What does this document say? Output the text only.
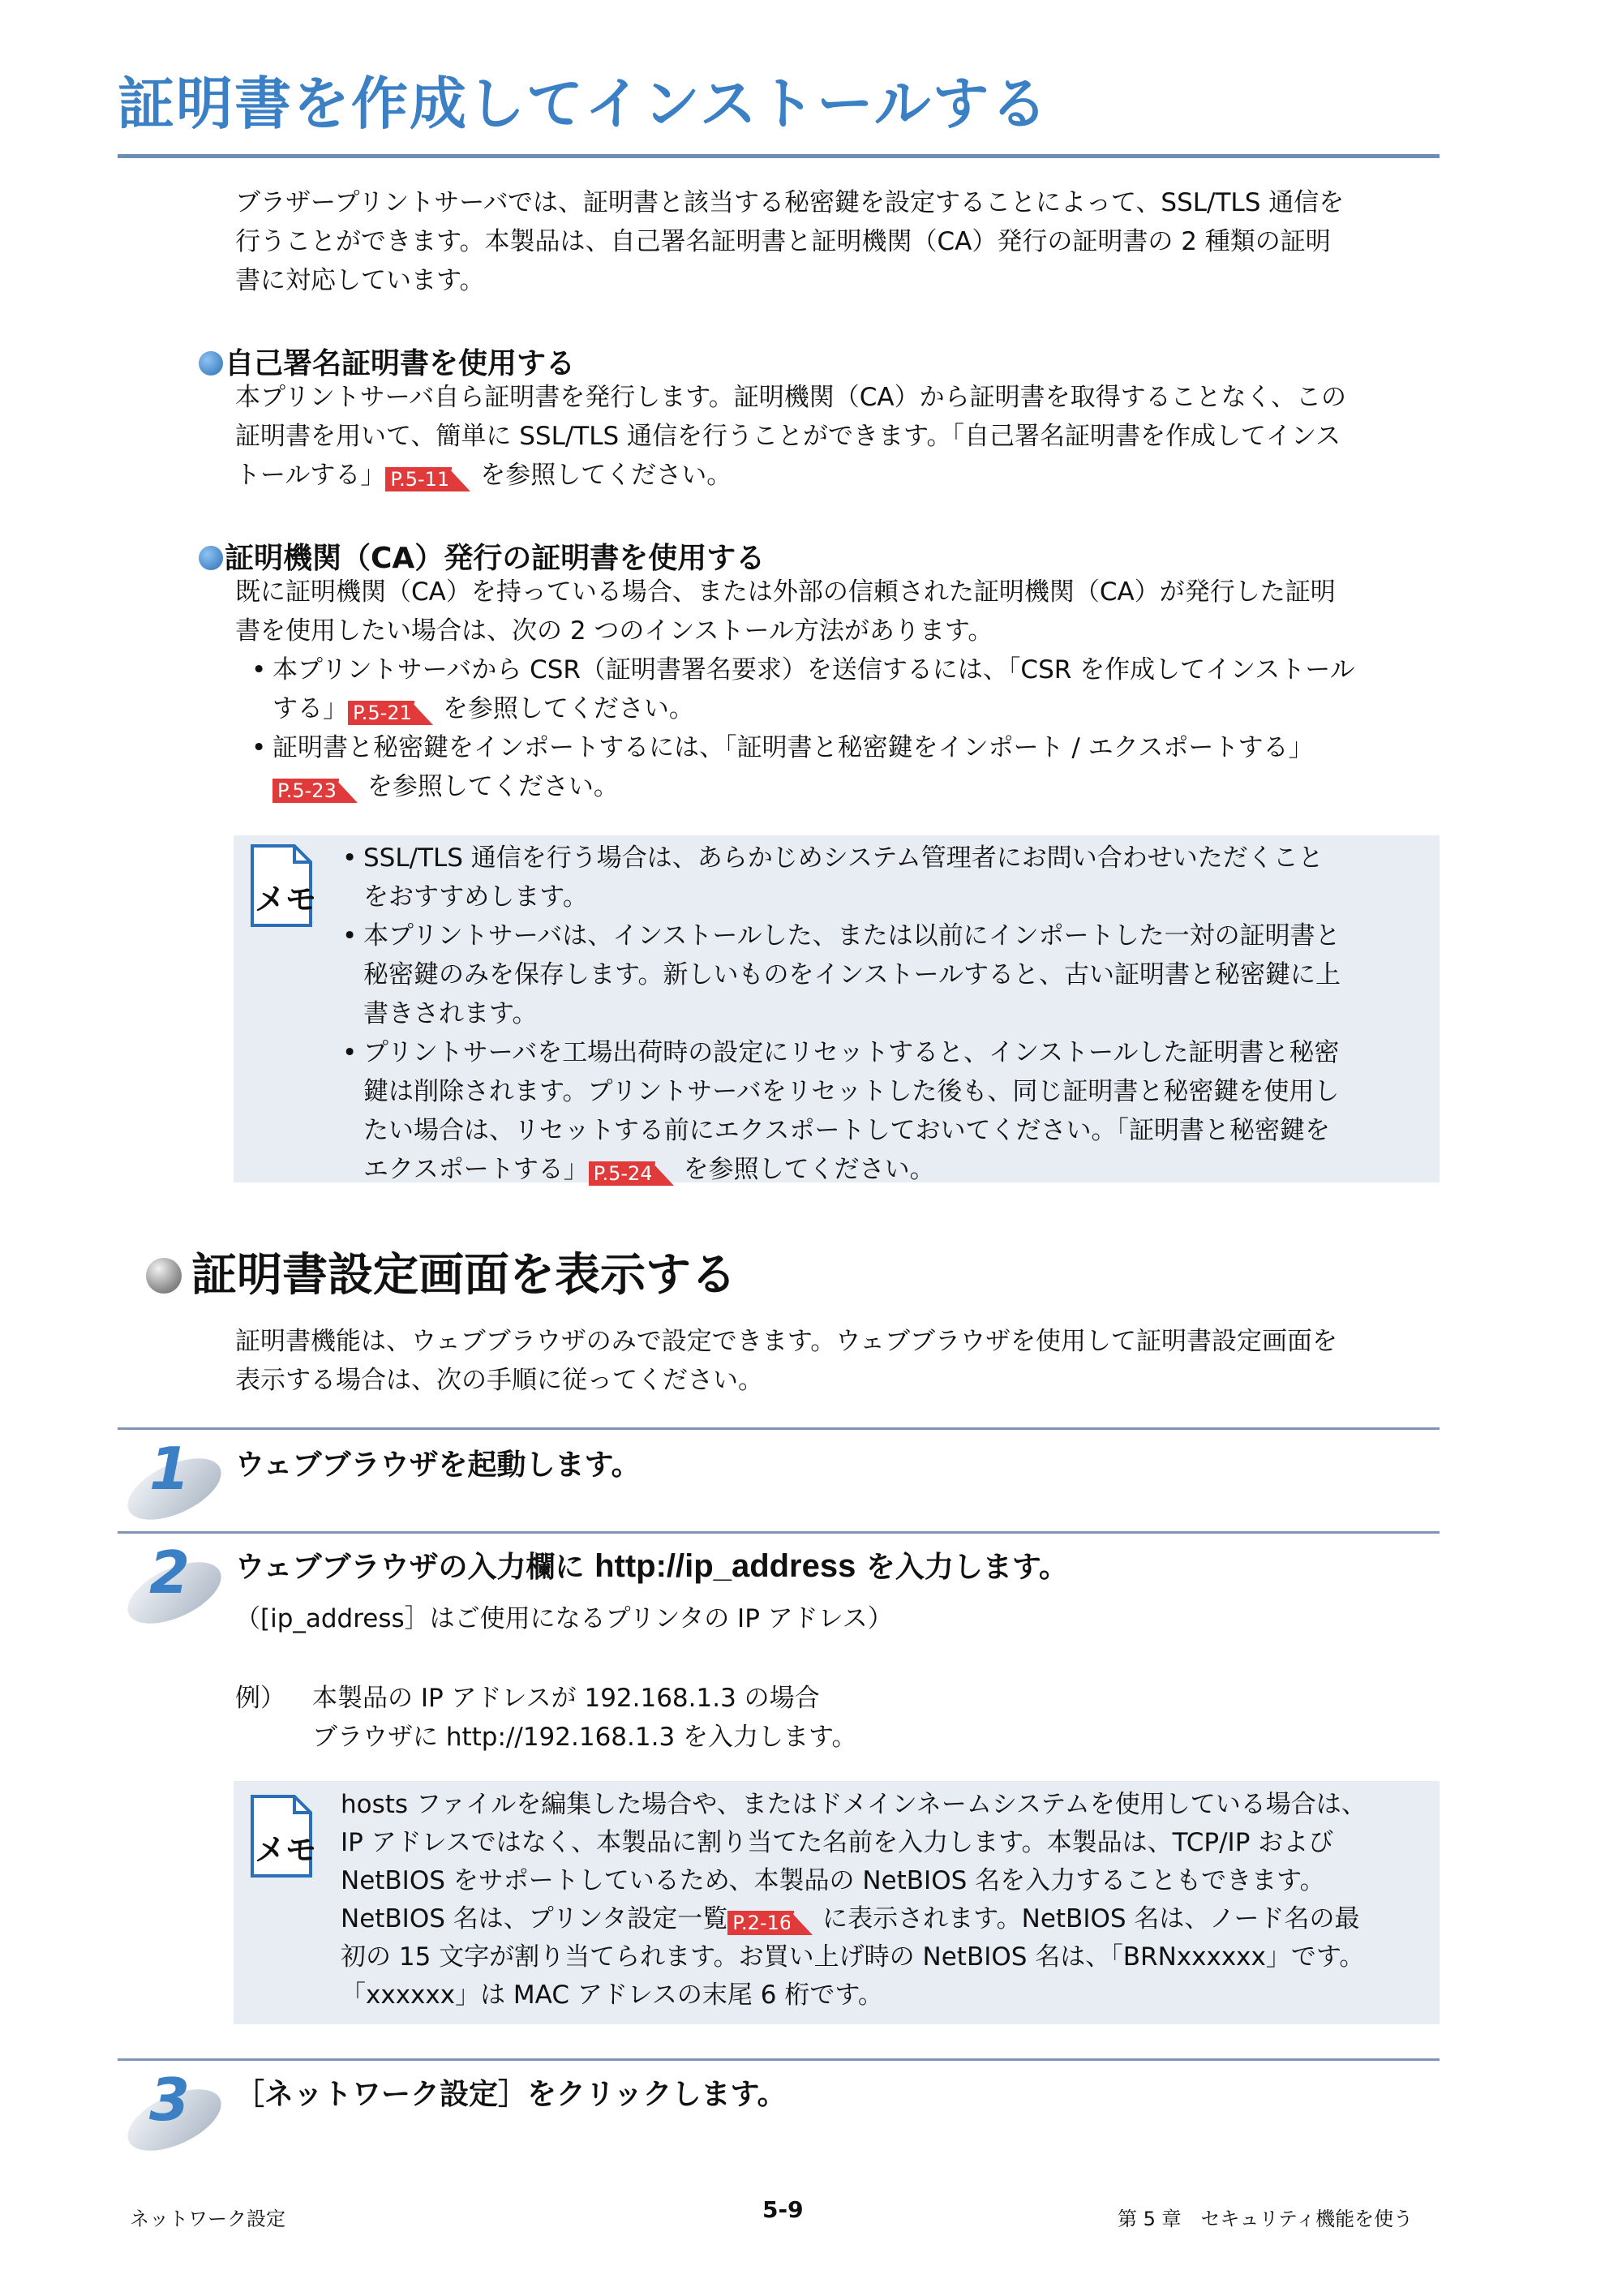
証明書を作成してインストールする

ブラザープリントサーバでは、証明書と該当する秘密鍵を設定することによって、SSL/TLS 通信を

行うことができます。本製品は、自己署名証明書と証明機関（CA）発行の証明書の 2 種類の証明

書に対応しています。

自己署名証明書を使用する

本プリントサーバ自ら証明書を発行します。証明機関（CA）から証明書を取得することなく、この

証明書を用いて、簡単に SSL/TLS 通信を行うことができます。「自己署名証明書を作成してインス

トールする」 P.5-11 を参照してください。

証明機関（CA）発行の証明書を使用する

既に証明機関（CA）を持っている場合、または外部の信頼された証明機関（CA）が発行した証明

書を使用したい場合は、次の 2 つのインストール方法があります。

• 本プリントサーバから CSR（証明書署名要求）を送信するには、「CSR を作成してインストール
する」 P.5-21 を参照してください。
• 証明書と秘密鍵をインポートするには、「証明書と秘密鍵をインポート / エクスポートする」
P.5-23 を参照してください。
メモ
• SSL/TLS 通信を行う場合は、あらかじめシステム管理者にお問い合わせいただくこと
をおすすめします。
• 本プリントサーバは、インストールした、または以前にインポートした一対の証明書と
秘密鍵のみを保存します。新しいものをインストールすると、古い証明書と秘密鍵に上
書きされます。
• プリントサーバを工場出荷時の設定にリセットすると、インストールした証明書と秘密
鍵は削除されます。プリントサーバをリセットした後も、同じ証明書と秘密鍵を使用し
たい場合は、リセットする前にエクスポートしておいてください。「証明書と秘密鍵を
エクスポートする」 P.5-24 を参照してください。
証明書設定画面を表示する

証明書機能は、ウェブブラウザのみで設定できます。ウェブブラウザを使用して証明書設定画面を

表示する場合は、次の手順に従ってください。

1 ウェブブラウザを起動します。
2 ウェブブラウザの入力欄に http://ip_address を入力します。
（[ip_address］はご使用になるプリンタの IP アドレス）
例） 本製品の IP アドレスが 192.168.1.3 の場合

ブラウザに http://192.168.1.3 を入力します。

メモ
hosts ファイルを編集した場合や、またはドメインネームシステムを使用している場合は、
IP アドレスではなく、本製品に割り当てた名前を入力します。本製品は、TCP/IP および
NetBIOS をサポートしているため、本製品の NetBIOS 名を入力することもできます。
NetBIOS 名は、プリンタ設定一覧 P.2-16 に表示されます。NetBIOS 名は、ノード名の最
初の 15 文字が割り当てられます。お買い上げ時の NetBIOS 名は、「BRNxxxxxx」です。
「xxxxxx」は MAC アドレスの末尾 6 桁です。
3 ［ネットワーク設定］をクリックします。
ネットワーク設定	5-9	第 5 章　セキュリティ機能を使う
